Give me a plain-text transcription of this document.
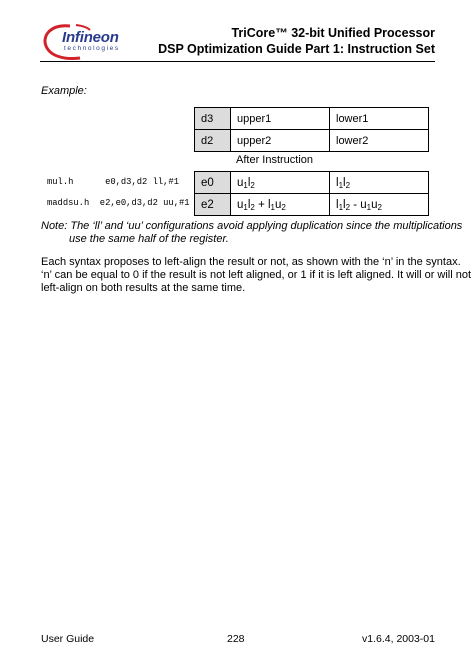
Infineon
technologies
TriCore™ 32-bit Unified Processor
DSP Optimization Guide Part 1: Instruction Set
Example:
d3	upper1	lower1
d2	upper2	lower2
After Instruction
mul.h      e0,d3,d2 ll,#1
maddsu.h  e2,e0,d3,d2 uu,#1
e0	$u_1l_2$	$l_1l_2$
e2	$u_1l_2 + l_1u_2$	$l_1l_2 - u_1u_2$
Note: The ‘ll’ and ‘uu’ configurations avoid applying duplication since the multiplications
use the same half of the register.
Each syntax proposes to left-align the result or not, as shown with the ‘n’ in the syntax.
‘n’ can be equal to 0 if the result is not left aligned, or 1 if it is left aligned. It will or will not
left-align on both results at the same time.
User Guide	228	v1.6.4, 2003-01
